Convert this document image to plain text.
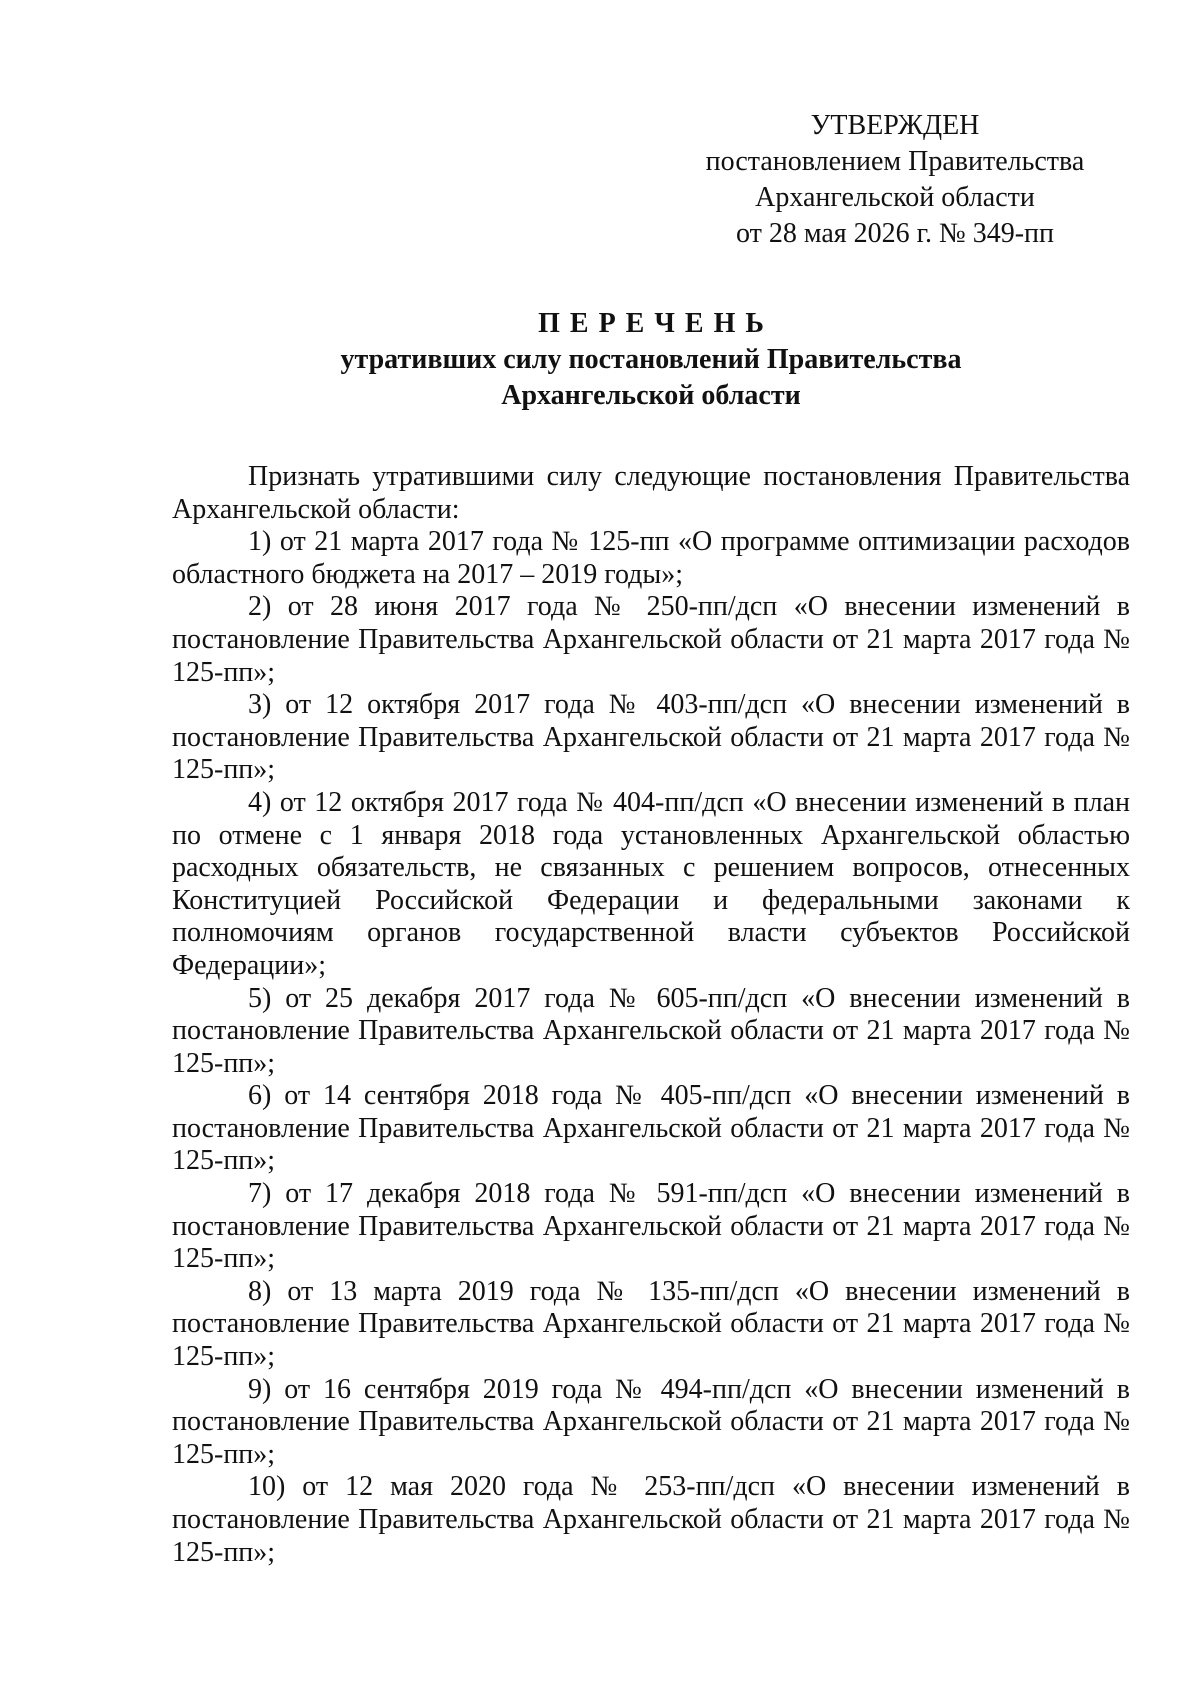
УТВЕРЖДЕН
постановлением Правительства
Архангельской области
от 28 мая 2026 г. № 349-пп
ПЕРЕЧЕНЬ
утративших силу постановлений Правительства
Архангельской области

Признать утратившими силу следующие постановления Правительства Архангельской области:

1) от 21 марта 2017 года № 125-пп «О программе оптимизации расходов областного бюджета на 2017 – 2019 годы»;

2) от 28 июня 2017 года № 250-пп/дсп «О внесении изменений в постановление Правительства Архангельской области от 21 марта 2017 года № 125-пп»;

3) от 12 октября 2017 года № 403-пп/дсп «О внесении изменений в постановление Правительства Архангельской области от 21 марта 2017 года № 125-пп»;

4) от 12 октября 2017 года № 404-пп/дсп «О внесении изменений в план по отмене с 1 января 2018 года установленных Архангельской областью расходных обязательств, не связанных с решением вопросов, отнесенных Конституцией Российской Федерации и федеральными законами к полномочиям органов государственной власти субъектов Российской Федерации»;

5) от 25 декабря 2017 года № 605-пп/дсп «О внесении изменений в постановление Правительства Архангельской области от 21 марта 2017 года № 125-пп»;

6) от 14 сентября 2018 года № 405-пп/дсп «О внесении изменений в постановление Правительства Архангельской области от 21 марта 2017 года № 125-пп»;

7) от 17 декабря 2018 года № 591-пп/дсп «О внесении изменений в постановление Правительства Архангельской области от 21 марта 2017 года № 125-пп»;

8) от 13 марта 2019 года № 135-пп/дсп «О внесении изменений в постановление Правительства Архангельской области от 21 марта 2017 года № 125-пп»;

9) от 16 сентября 2019 года № 494-пп/дсп «О внесении изменений в постановление Правительства Архангельской области от 21 марта 2017 года № 125-пп»;

10) от 12 мая 2020 года № 253-пп/дсп «О внесении изменений в постановление Правительства Архангельской области от 21 марта 2017 года № 125-пп»;
